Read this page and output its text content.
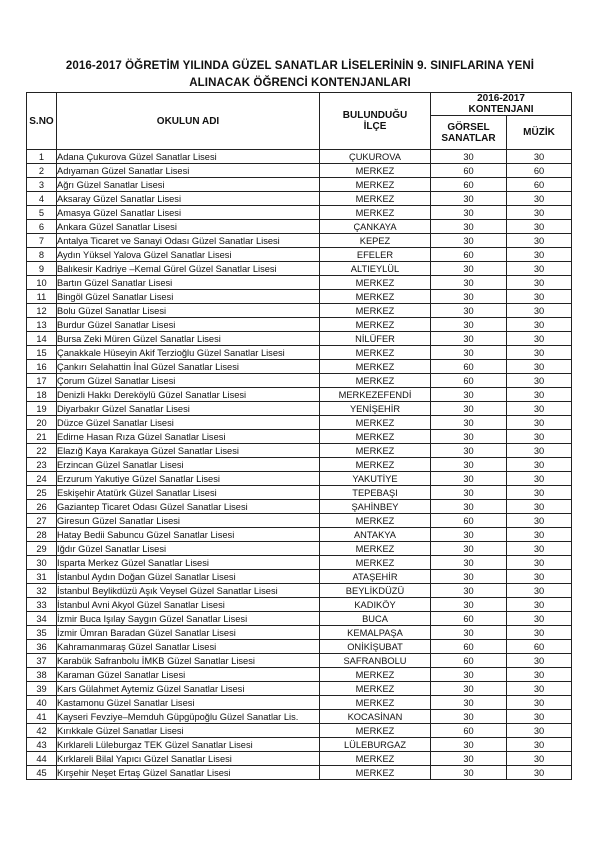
2016-2017 ÖĞRETİM YILINDA GÜZEL SANATLAR LİSELERİNİN 9. SINIFLARINA YENİ
ALINACAK ÖĞRENCİ KONTENJANLARI
S.NO	OKULUN ADI	BULUNDUĞU İLÇE	2016-2017 KONTENJANI	
			GÖRSEL SANATLAR	MÜZİK
1	Adana Çukurova Güzel Sanatlar Lisesi	ÇUKUROVA	30	30
2	Adıyaman Güzel Sanatlar Lisesi	MERKEZ	60	60
3	Ağrı Güzel Sanatlar Lisesi	MERKEZ	60	60
4	Aksaray Güzel Sanatlar Lisesi	MERKEZ	30	30
5	Amasya Güzel Sanatlar Lisesi	MERKEZ	30	30
6	Ankara Güzel Sanatlar Lisesi	ÇANKAYA	30	30
7	Antalya Ticaret ve Sanayi Odası Güzel Sanatlar Lisesi	KEPEZ	30	30
8	Aydın Yüksel Yalova Güzel Sanatlar Lisesi	EFELER	60	30
9	Balıkesir Kadriye –Kemal Gürel Güzel Sanatlar Lisesi	ALTIEYLÜL	30	30
10	Bartın Güzel Sanatlar Lisesi	MERKEZ	30	30
11	Bingöl Güzel Sanatlar Lisesi	MERKEZ	30	30
12	Bolu Güzel Sanatlar Lisesi	MERKEZ	30	30
13	Burdur Güzel Sanatlar Lisesi	MERKEZ	30	30
14	Bursa Zeki Müren Güzel Sanatlar Lisesi	NİLÜFER	30	30
15	Çanakkale Hüseyin Akif Terzioğlu Güzel Sanatlar Lisesi	MERKEZ	30	30
16	Çankırı Selahattin İnal Güzel Sanatlar Lisesi	MERKEZ	60	30
17	Çorum Güzel Sanatlar Lisesi	MERKEZ	60	30
18	Denizli Hakkı Dereköylü Güzel Sanatlar Lisesi	MERKEZEFENDİ	30	30
19	Diyarbakır Güzel Sanatlar Lisesi	YENİŞEHİR	30	30
20	Düzce Güzel Sanatlar Lisesi	MERKEZ	30	30
21	Edirne Hasan Rıza Güzel Sanatlar Lisesi	MERKEZ	30	30
22	Elazığ Kaya Karakaya Güzel Sanatlar Lisesi	MERKEZ	30	30
23	Erzincan Güzel Sanatlar Lisesi	MERKEZ	30	30
24	Erzurum Yakutiye Güzel Sanatlar Lisesi	YAKUTİYE	30	30
25	Eskişehir Atatürk Güzel Sanatlar Lisesi	TEPEBAŞI	30	30
26	Gaziantep Ticaret Odası Güzel Sanatlar Lisesi	ŞAHİNBEY	30	30
27	Giresun Güzel Sanatlar Lisesi	MERKEZ	60	30
28	Hatay Bedii Sabuncu Güzel Sanatlar Lisesi	ANTAKYA	30	30
29	Iğdır Güzel Sanatlar Lisesi	MERKEZ	30	30
30	Isparta Merkez Güzel Sanatlar Lisesi	MERKEZ	30	30
31	İstanbul Aydın Doğan Güzel Sanatlar Lisesi	ATAŞEHİR	30	30
32	İstanbul Beylikdüzü Aşık Veysel Güzel Sanatlar Lisesi	BEYLİKDÜZÜ	30	30
33	İstanbul Avni Akyol Güzel Sanatlar Lisesi	KADIKÖY	30	30
34	İzmir Buca Işılay Saygın Güzel Sanatlar Lisesi	BUCA	60	30
35	İzmir Ümran Baradan Güzel Sanatlar Lisesi	KEMALPAŞA	30	30
36	Kahramanmaraş Güzel Sanatlar Lisesi	ONİKİŞUBAT	60	60
37	Karabük Safranbolu İMKB Güzel Sanatlar Lisesi	SAFRANBOLU	60	30
38	Karaman Güzel Sanatlar Lisesi	MERKEZ	30	30
39	Kars Gülahmet Aytemiz Güzel Sanatlar Lisesi	MERKEZ	30	30
40	Kastamonu Güzel Sanatlar Lisesi	MERKEZ	30	30
41	Kayseri Fevziye–Memduh Güpgüpoğlu Güzel Sanatlar Lis.	KOCASİNAN	30	30
42	Kırıkkale Güzel Sanatlar Lisesi	MERKEZ	60	30
43	Kırklareli Lüleburgaz TEK Güzel Sanatlar Lisesi	LÜLEBURGAZ	30	30
44	Kırklareli Bilal Yapıcı Güzel Sanatlar Lisesi	MERKEZ	30	30
45	Kırşehir Neşet Ertaş Güzel Sanatlar Lisesi	MERKEZ	30	30
